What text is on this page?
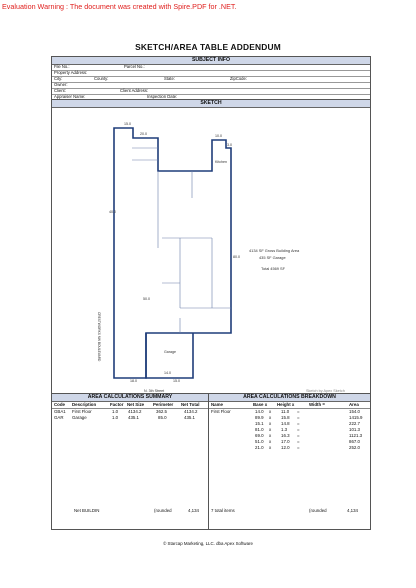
Evaluation Warning : The document was created with Spire.PDF for .NET.
SKETCH/AREA TABLE ADDENDUM
SUBJECT INFO
File No.:	Parcel No.:
Property Address:
City:	County:	State:	ZipCode:
Owner:
Client:	Client Address:
Appraiser Name:	Inspection Date:
SKETCH
15.0
20.0	10.0
3.0
40.0
80.0
50.0
14.0
18.0	15.0
Kitchen
Garage
N. 3th Street
4134 SF Gross Building Area
435 SF Garage
Total 4569 SF
CRESTWORKS NW BOULEVARD
Sketch by Apex Sketch
AREA CALCULATIONS SUMMARY
Code Description	Factor Net Size Perimeter Net Total
GBA1 First Floor	1.0 4134.2	362.5	4134.2
GAR Garage	1.0 435.1	85.0	435.1
Net BUILDIN	(rounded	4,134
AREA CALCULATIONS BREAKDOWN
Name	Base x Height x	Width =	Area
First Floor	14.0 x 11.0 =	154.0
89.9 x 15.8 =	1415.9
15.1 x 14.8 =	222.7
81.0 x 1.3 =	101.3
69.0 x 16.3 =	1121.3
51.0 x 17.0 =	867.0
21.0 x 12.0 =	252.0
7 total items	(rounded	4,134
© Starcap Marketing, LLC. dba Apex Software
